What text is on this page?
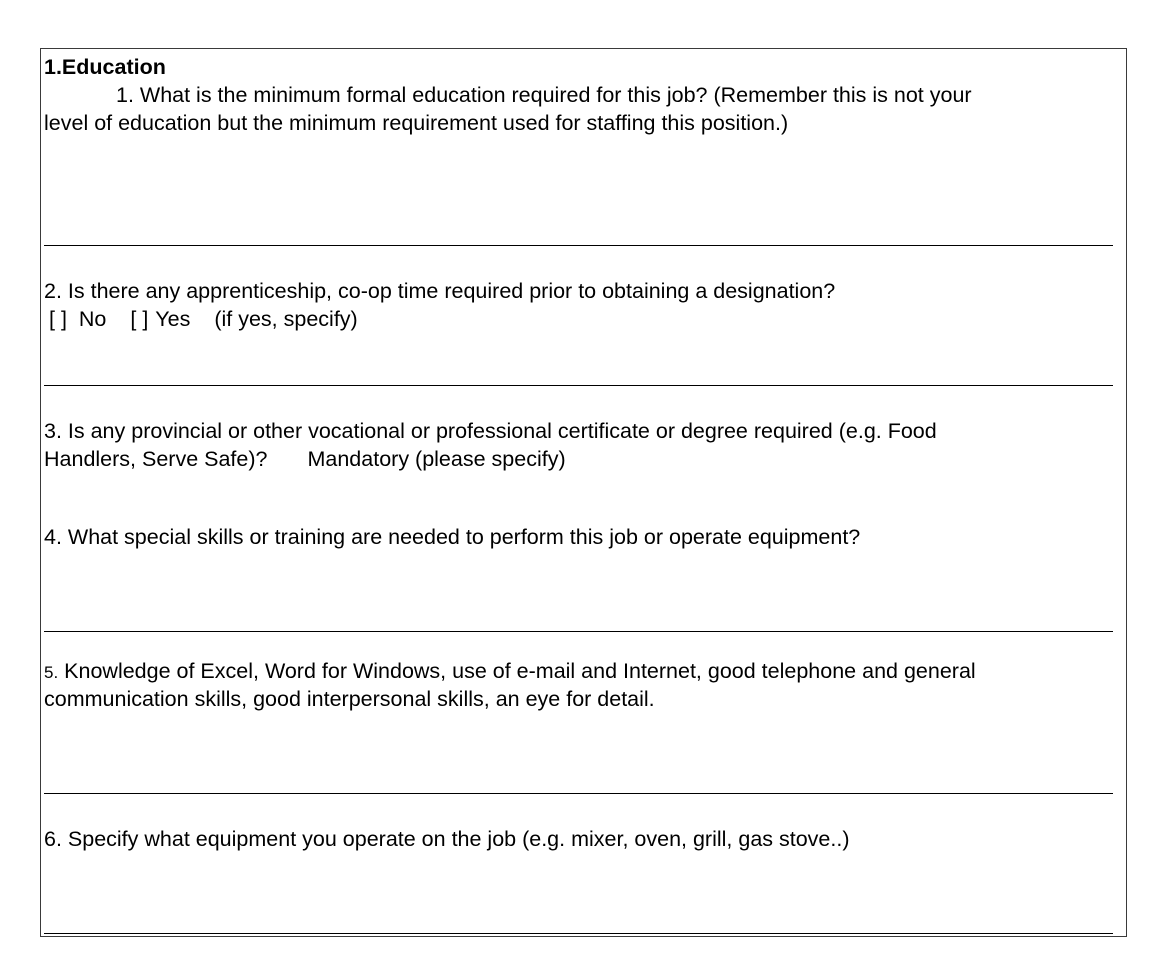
1.Education
1. What is the minimum formal education required for this job? (Remember this is not your
level of education but the minimum requirement used for staffing this position.)
2. Is there any apprenticeship, co-op time required prior to obtaining a designation?
[ ] No [ ] Yes (if yes, specify)
3. Is any provincial or other vocational or professional certificate or degree required (e.g. Food
Handlers, Serve Safe)? Mandatory (please specify)
4. What special skills or training are needed to perform this job or operate equipment?
5. Knowledge of Excel, Word for Windows, use of e-mail and Internet, good telephone and general
communication skills, good interpersonal skills, an eye for detail.
6. Specify what equipment you operate on the job (e.g. mixer, oven, grill, gas stove..)
